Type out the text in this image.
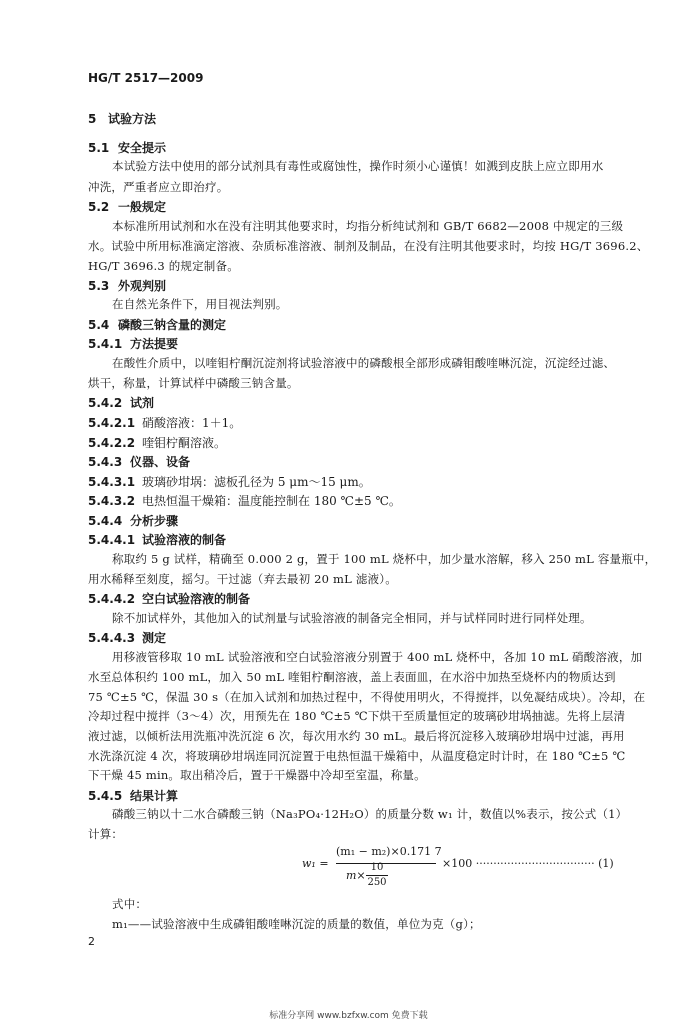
HG/T 2517—2009
5 试验方法
5.1 安全提示
本试验方法中使用的部分试剂具有毒性或腐蚀性，操作时须小心谨慎！如溅到皮肤上应立即用水
冲洗，严重者应立即治疗。
5.2 一般规定
本标准所用试剂和水在没有注明其他要求时，均指分析纯试剂和 GB/T 6682—2008 中规定的三级
水。试验中所用标准滴定溶液、杂质标准溶液、制剂及制品，在没有注明其他要求时，均按 HG/T 3696.2、
HG/T 3696.3 的规定制备。
5.3 外观判别
在自然光条件下，用目视法判别。
5.4 磷酸三钠含量的测定
5.4.1 方法提要
在酸性介质中，以喹钼柠酮沉淀剂将试验溶液中的磷酸根全部形成磷钼酸喹啉沉淀，沉淀经过滤、
烘干，称量，计算试样中磷酸三钠含量。
5.4.2 试剂
5.4.2.1 硝酸溶液：1＋1。
5.4.2.2 喹钼柠酮溶液。
5.4.3 仪器、设备
5.4.3.1 玻璃砂坩埚：滤板孔径为 5 μm～15 μm。
5.4.3.2 电热恒温干燥箱：温度能控制在 180 ℃±5 ℃。
5.4.4 分析步骤
5.4.4.1 试验溶液的制备
称取约 5 g 试样，精确至 0.000 2 g，置于 100 mL 烧杯中，加少量水溶解，移入 250 mL 容量瓶中，
用水稀释至刻度，摇匀。干过滤（弃去最初 20 mL 滤液）。
5.4.4.2 空白试验溶液的制备
除不加试样外，其他加入的试剂量与试验溶液的制备完全相同，并与试样同时进行同样处理。
5.4.4.3 测定
用移液管移取 10 mL 试验溶液和空白试验溶液分别置于 400 mL 烧杯中，各加 10 mL 硝酸溶液，加
水至总体积约 100 mL，加入 50 mL 喹钼柠酮溶液，盖上表面皿，在水浴中加热至烧杯内的物质达到
75 ℃±5 ℃，保温 30 s（在加入试剂和加热过程中，不得使用明火，不得搅拌，以免凝结成块）。冷却，在
冷却过程中搅拌（3～4）次，用预先在 180 ℃±5 ℃下烘干至质量恒定的玻璃砂坩埚抽滤。先将上层清
液过滤，以倾析法用洗瓶冲洗沉淀 6 次，每次用水约 30 mL。最后将沉淀移入玻璃砂坩埚中过滤，再用
水洗涤沉淀 4 次，将玻璃砂坩埚连同沉淀置于电热恒温干燥箱中，从温度稳定时计时，在 180 ℃±5 ℃
下干燥 45 min。取出稍冷后，置于干燥器中冷却至室温，称量。
5.4.5 结果计算
磷酸三钠以十二水合磷酸三钠（Na₃PO₄·12H₂O）的质量分数 w₁ 计，数值以%表示，按公式（1）
计算：
w₁ =
(m₁ − m₂)×0.171 7
m×
10
250
×100 ·································· (1)
式中：
m₁——试验溶液中生成磷钼酸喹啉沉淀的质量的数值，单位为克（g）；
2
标准分享网 www.bzfxw.com 免费下载
